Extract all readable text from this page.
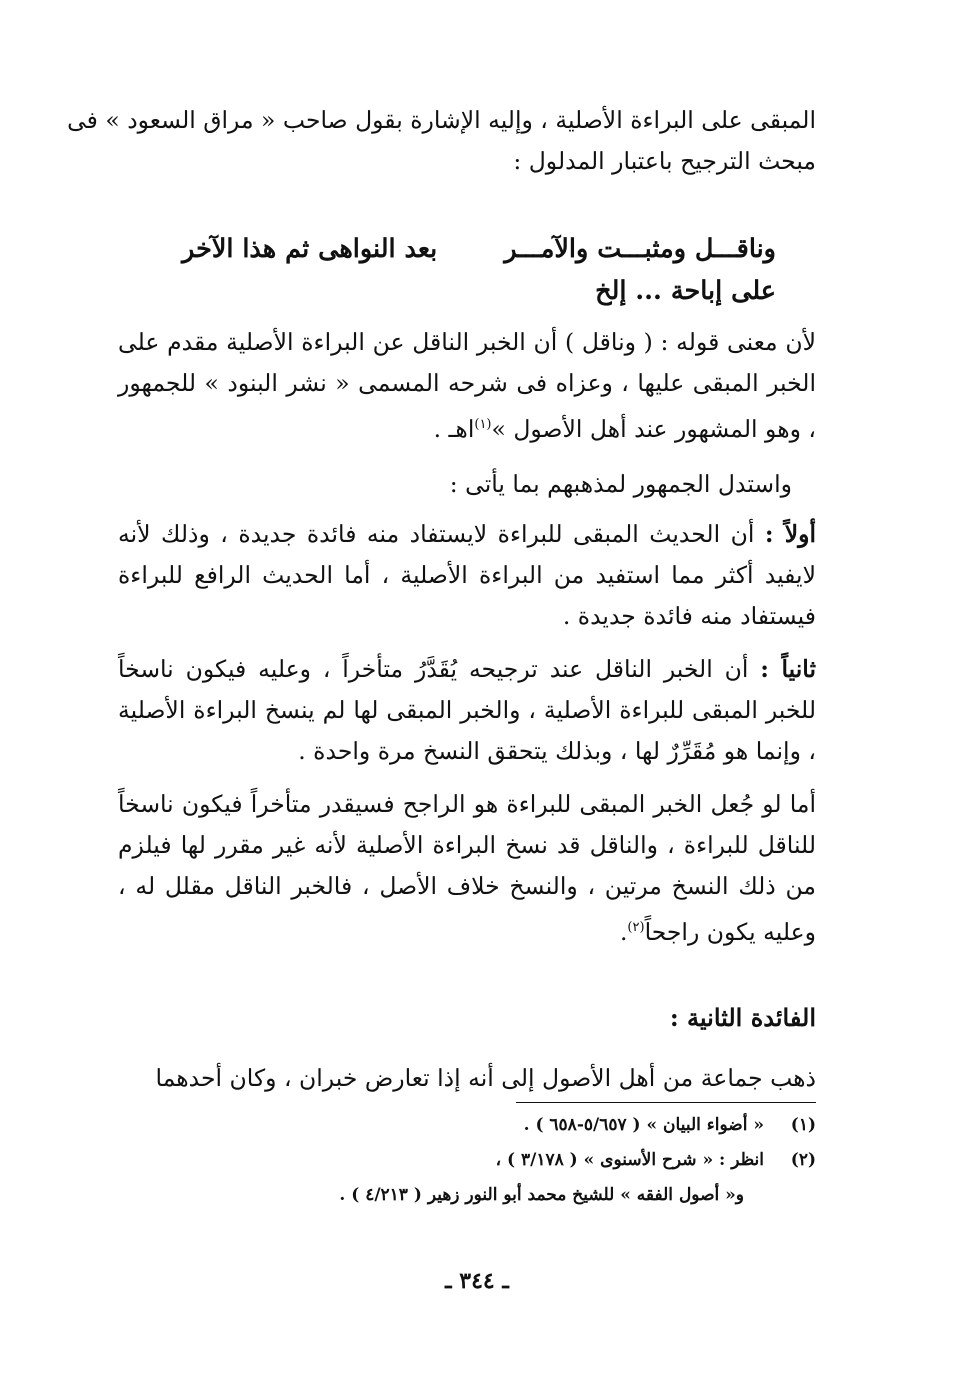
المبقى على البراءة الأصلية ، وإليه الإشارة بقول صاحب « مراق السعود » فى
مبحث الترجيح باعتبار المدلول :
وناقـــل ومثبـــت والآمـــر
بعد النواهى ثم هذا الآخر
على إباحة ... إلخ

لأن معنى قوله : ( وناقل ) أن الخبر الناقل عن البراءة الأصلية مقدم على الخبر المبقى عليها ، وعزاه فى شرحه المسمى « نشر البنود » للجمهور ، وهو المشهور عند أهل الأصول »$^{(١)}$اهـ .

واستدل الجمهور لمذهبهم بما يأتى :

أولاً : أن الحديث المبقى للبراءة لايستفاد منه فائدة جديدة ، وذلك لأنه لايفيد أكثر مما استفيد من البراءة الأصلية ، أما الحديث الرافع للبراءة فيستفاد منه فائدة جديدة .

ثانياً : أن الخبر الناقل عند ترجيحه يُقَدَّرُ متأخراً ، وعليه فيكون ناسخاً للخبر المبقى للبراءة الأصلية ، والخبر المبقى لها لم ينسخ البراءة الأصلية ، وإنما هو مُقَرِّرٌ لها ، وبذلك يتحقق النسخ مرة واحدة .

أما لو جُعل الخبر المبقى للبراءة هو الراجح فسيقدر متأخراً فيكون ناسخاً للناقل للبراءة ، والناقل قد نسخ البراءة الأصلية لأنه غير مقرر لها فيلزم من ذلك النسخ مرتين ، والنسخ خلاف الأصل ، فالخبر الناقل مقلل له ، وعليه يكون راجحاً$^{(٢)}$.

الفائدة الثانية :
ذهب جماعة من أهل الأصول إلى أنه إذا تعارض خبران ، وكان أحدهما
(١)« أضواء البيان » ( ٥/٦٥٧-٦٥٨ ) .
(٢)انظر : « شرح الأسنوى » ( ٣/١٧٨ ) ،
و« أصول الفقه » للشيخ محمد أبو النور زهير ( ٤/٢١٣ ) .
ـ ٣٤٤ ـ
